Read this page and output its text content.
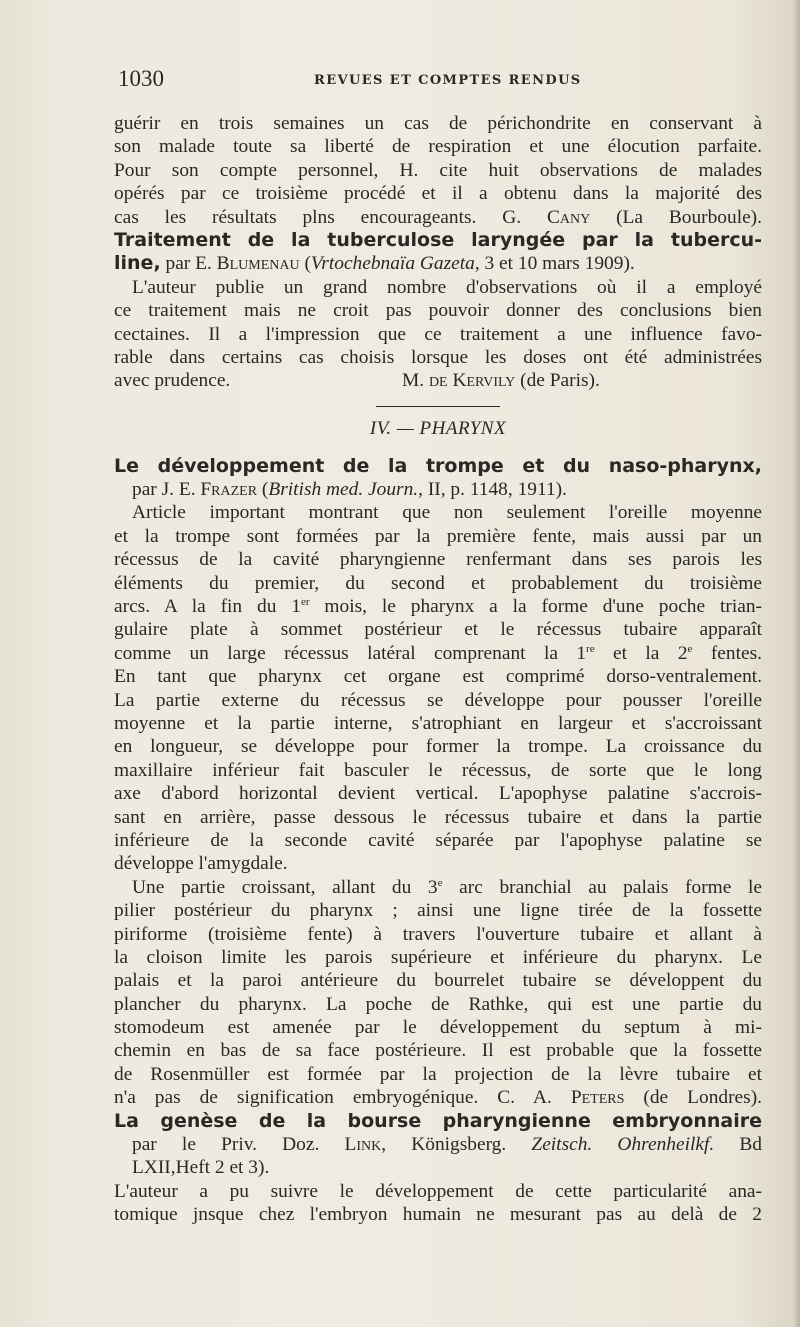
1030	REVUES ET COMPTES RENDUS
guérir en trois semaines un cas de périchondrite en conservant à
son malade toute sa liberté de respiration et une élocution parfaite.
Pour son compte personnel, H. cite huit observations de malades
opérés par ce troisième procédé et il a obtenu dans la majorité des
cas les résultats plns encourageants. G. Cany (La Bourboule).
Traitement de la tuberculose laryngée par la tubercu-
line, par E. Blumenau (Vrtochebnaïa Gazeta, 3 et 10 mars 1909).
L'auteur publie un grand nombre d'observations où il a employé
ce traitement mais ne croit pas pouvoir donner des conclusions bien
cectaines. Il a l'impression que ce traitement a une influence favo-
rable dans certains cas choisis lorsque les doses ont été administrées
avec prudence.	M. de Kervily (de Paris).
IV. — PHARYNX
Le développement de la trompe et du naso-pharynx,
par J. E. Frazer (British med. Journ., II, p. 1148, 1911).
Article important montrant que non seulement l'oreille moyenne
et la trompe sont formées par la première fente, mais aussi par un
récessus de la cavité pharyngienne renfermant dans ses parois les
éléments du premier, du second et probablement du troisième
arcs. A la fin du 1er mois, le pharynx a la forme d'une poche trian-
gulaire plate à sommet postérieur et le récessus tubaire apparaît
comme un large récessus latéral comprenant la 1re et la 2e fentes.
En tant que pharynx cet organe est comprimé dorso-ventralement.
La partie externe du récessus se développe pour pousser l'oreille
moyenne et la partie interne, s'atrophiant en largeur et s'accroissant
en longueur, se développe pour former la trompe. La croissance du
maxillaire inférieur fait basculer le récessus, de sorte que le long
axe d'abord horizontal devient vertical. L'apophyse palatine s'accrois-
sant en arrière, passe dessous le récessus tubaire et dans la partie
inférieure de la seconde cavité séparée par l'apophyse palatine se
développe l'amygdale.
Une partie croissant, allant du 3e arc branchial au palais forme le
pilier postérieur du pharynx ; ainsi une ligne tirée de la fossette
piriforme (troisième fente) à travers l'ouverture tubaire et allant à
la cloison limite les parois supérieure et inférieure du pharynx. Le
palais et la paroi antérieure du bourrelet tubaire se développent du
plancher du pharynx. La poche de Rathke, qui est une partie du
stomodeum est amenée par le développement du septum à mi-
chemin en bas de sa face postérieure. Il est probable que la fossette
de Rosenmüller est formée par la projection de la lèvre tubaire et
n'a pas de signification embryogénique. C. A. Peters (de Londres).
La genèse de la bourse pharyngienne embryonnaire
par le Priv. Doz. Link, Königsberg. Zeitsch. Ohrenheilkf. Bd
LXII,Heft 2 et 3).
L'auteur a pu suivre le développement de cette particularité ana-
tomique jnsque chez l'embryon humain ne mesurant pas au delà de 2
